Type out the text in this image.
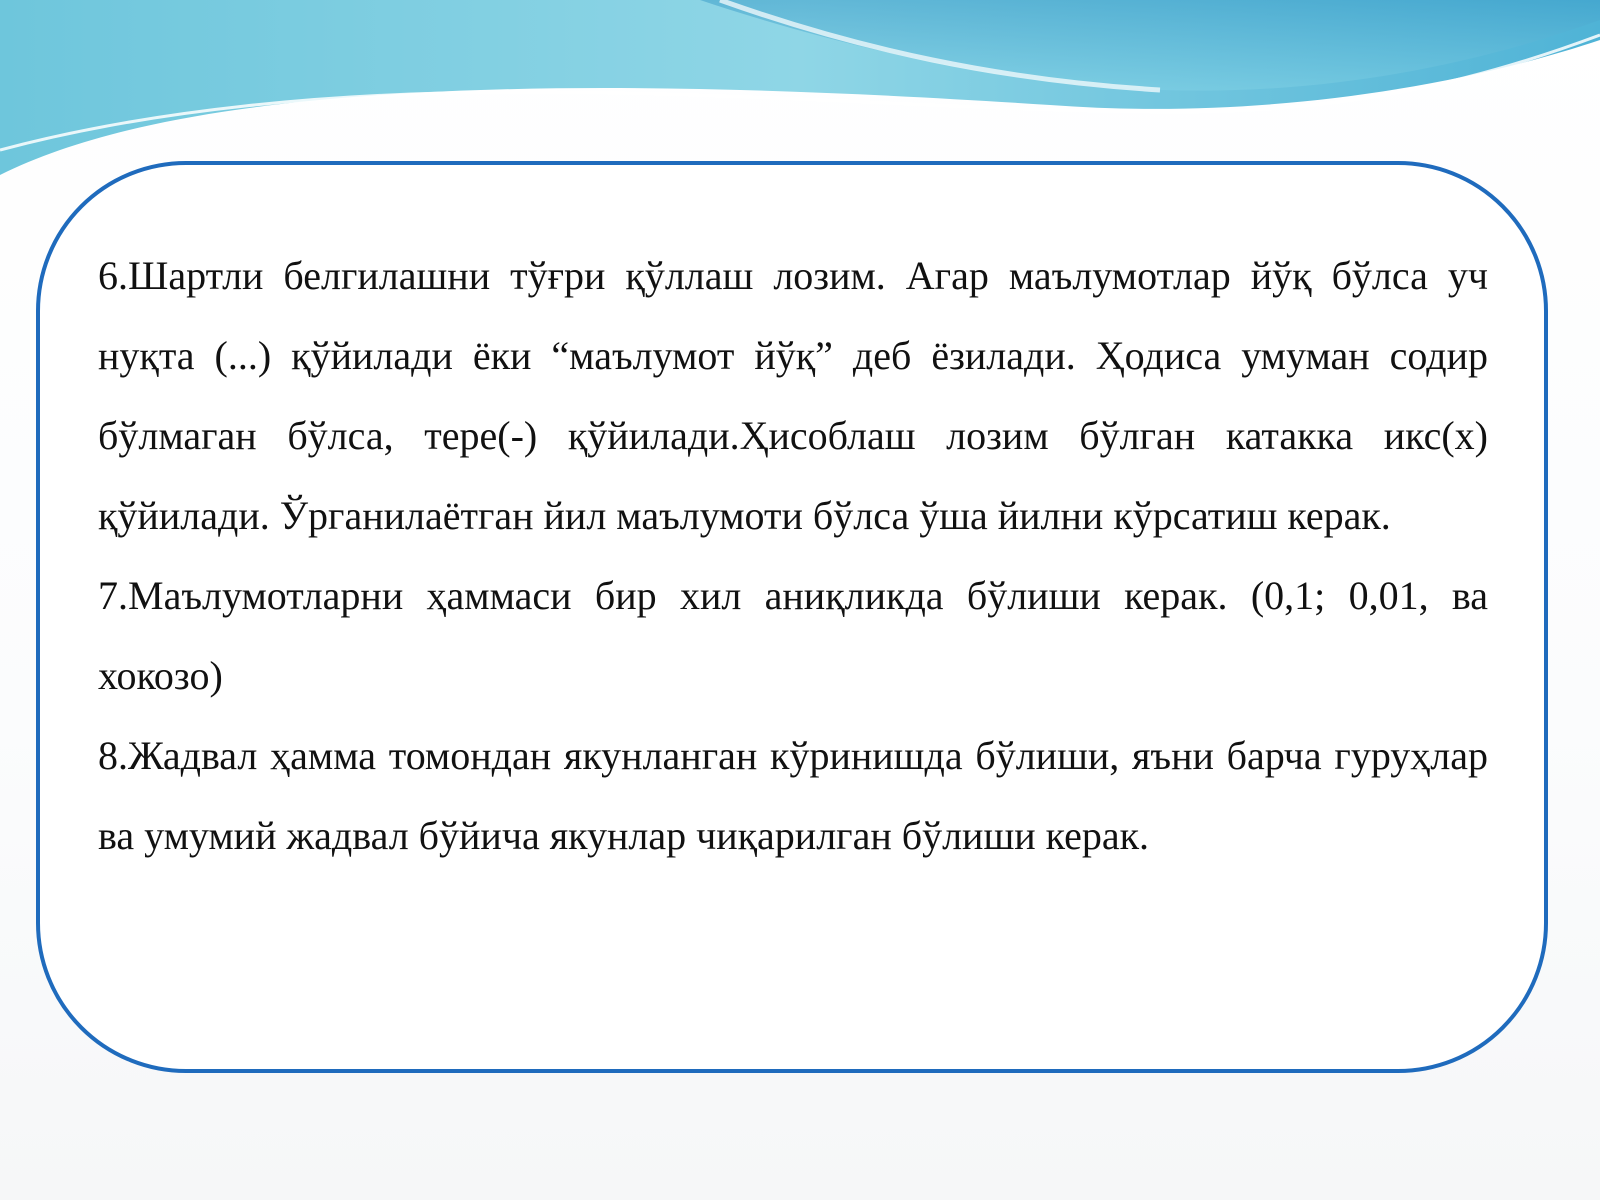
6.Шартли белгилашни тўғри қўллаш лозим. Агар маълумотлар йўқ бўлса уч нуқта (...) қўйилади ёки “маълумот йўқ” деб ёзилади. Ҳодиса умуман содир бўлмаган бўлса, тере(-) қўйилади.Ҳисоблаш лозим бўлган катакка икс(х) қўйилади. Ўрганилаётган йил маълумоти бўлса ўша йилни кўрсатиш керак.

7.Маълумотларни ҳаммаси бир хил аниқликда бўлиши керак. (0,1; 0,01, ва хокозо)

8.Жадвал ҳамма томондан якунланган кўринишда бўлиши, яъни барча гуруҳлар ва умумий жадвал бўйича якунлар чиқарилган бўлиши керак.
